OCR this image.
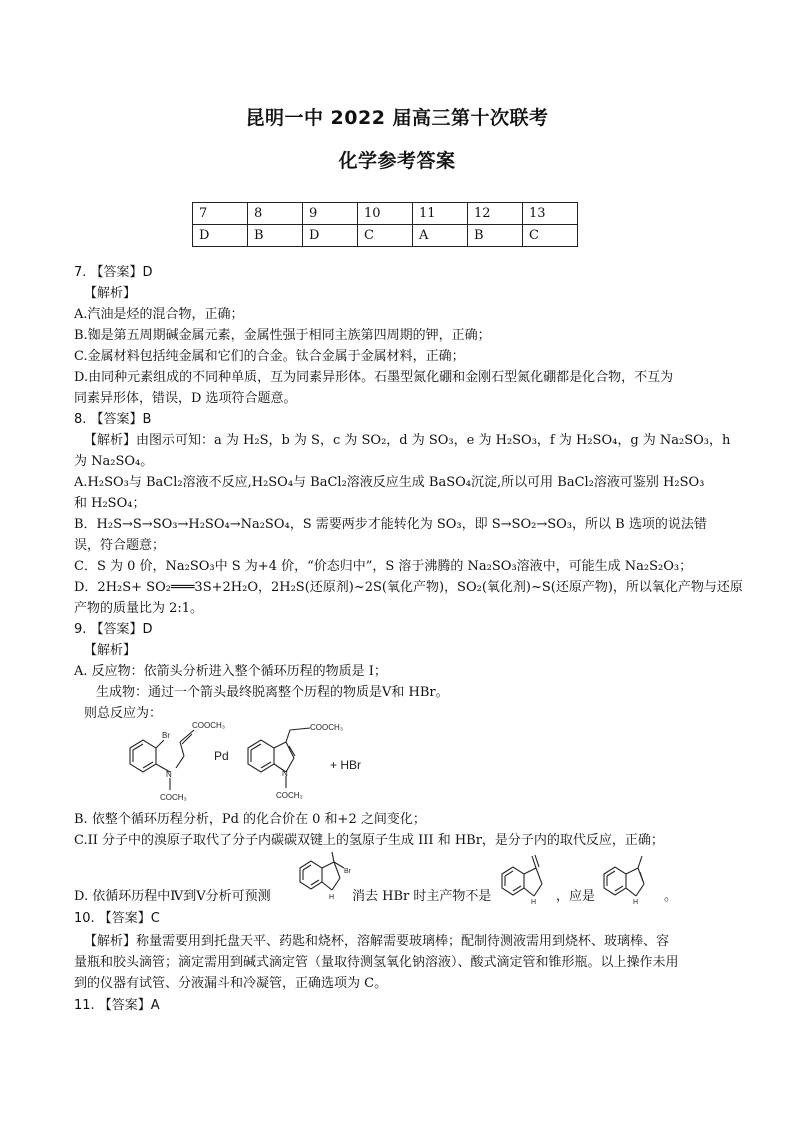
昆明一中 2022 届高三第十次联考
化学参考答案
7	8	9	10	11	12	13
D	B	D	C	A	B	C
7. 【答案】D
【解析】
A.汽油是烃的混合物，正确；
B.铷是第五周期碱金属元素，金属性强于相同主族第四周期的钾，正确；
C.金属材料包括纯金属和它们的合金。钛合金属于金属材料，正确；
D.由同种元素组成的不同种单质，互为同素异形体。石墨型氮化硼和金刚石型氮化硼都是化合物，不互为
同素异形体，错误，D 选项符合题意。
8. 【答案】B
【解析】由图示可知：a 为 H₂S，b 为 S，c 为 SO₂，d 为 SO₃，e 为 H₂SO₃，f 为 H₂SO₄，g 为 Na₂SO₃，h
为 Na₂SO₄。
A.H₂SO₃与 BaCl₂溶液不反应,H₂SO₄与 BaCl₂溶液反应生成 BaSO₄沉淀,所以可用 BaCl₂溶液可鉴别 H₂SO₃
和 H₂SO₄；
B．H₂S→S→SO₃→H₂SO₄→Na₂SO₄，S 需要两步才能转化为 SO₃，即 S→SO₂→SO₃，所以 B 选项的说法错
误，符合题意；
C．S 为 0 价，Na₂SO₃中 S 为+4 价，“价态归中”，S 溶于沸腾的 Na₂SO₃溶液中，可能生成 Na₂S₂O₃；
D．2H₂S+ SO₂═══3S+2H₂O，2H₂S(还原剂)~2S(氧化产物)，SO₂(氧化剂)~S(还原产物)，所以氧化产物与还原
产物的质量比为 2:1。
9. 【答案】D
【解析】
A. 反应物：依箭头分析进入整个循环历程的物质是 I；
生成物：通过一个箭头最终脱离整个历程的物质是Ⅴ和 HBr。
则总反应为：
Br
COOCH₃
N
COCH₃
COOCH₃
N
COCH₃
Pd
+ HBr
B. 依整个循环历程分析，Pd 的化合价在 0 和+2 之间变化；
C.II 分子中的溴原子取代了分子内碳碳双键上的氢原子生成 III 和 HBr，是分子内的取代反应，正确；
D. 依循环历程中Ⅳ到Ⅴ分析可预测
Br
H 消去 HBr 时主产物不是	H ，应是	H 。
10. 【答案】C
【解析】称量需要用到托盘天平、药匙和烧杯，溶解需要玻璃棒；配制待测液需用到烧杯、玻璃棒、容
量瓶和胶头滴管；滴定需用到碱式滴定管（量取待测氢氧化钠溶液）、酸式滴定管和锥形瓶。以上操作未用
到的仪器有试管、分液漏斗和冷凝管，正确选项为 C。
11. 【答案】A
